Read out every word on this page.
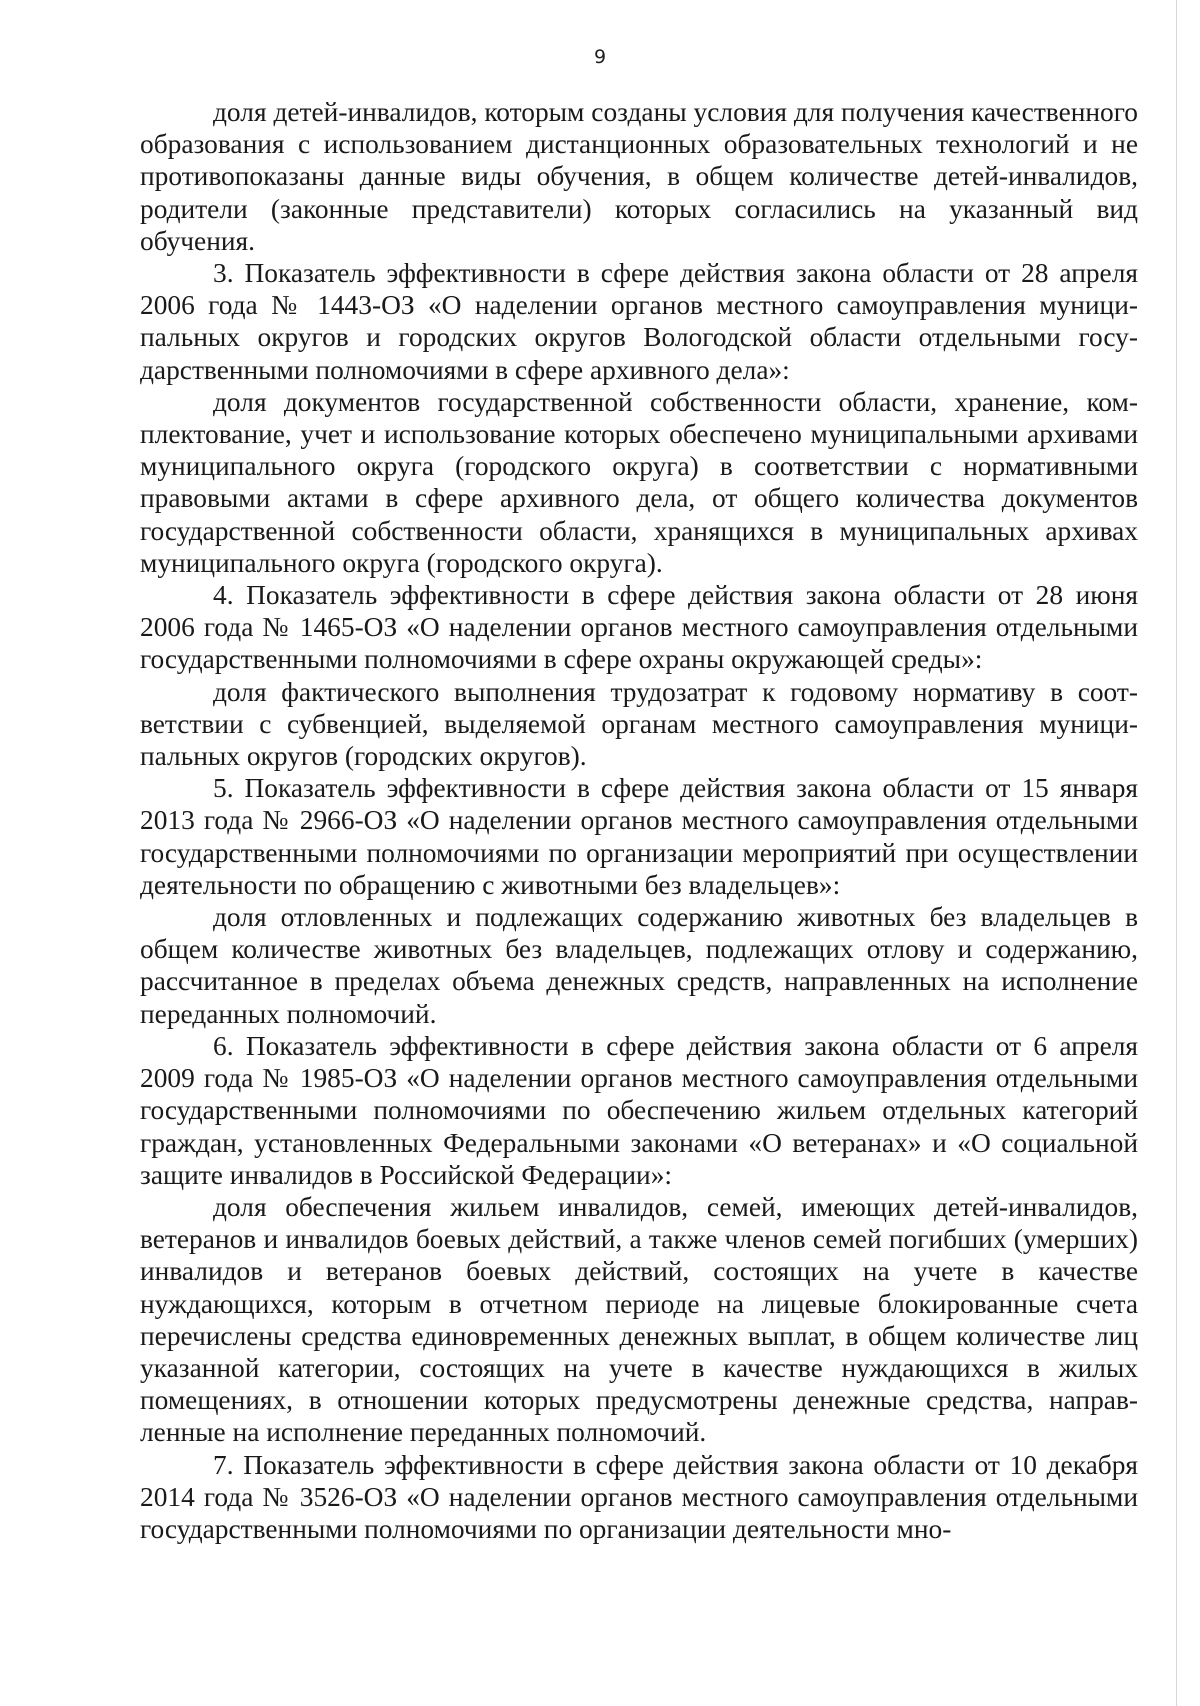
9

доля детей-инвалидов, которым созданы условия для получения качественного образования с использованием дистанционных образовательных технологий и не противопоказаны данные виды обучения, в общем количестве детей-инвалидов, родители (законные представители) которых согласились на указанный вид обучения.

3. Показатель эффективности в сфере действия закона области от 28 апреля 2006 года № 1443-ОЗ «О наделении органов местного самоуправления муниципальных округов и городских округов Вологодской области отдельными государственными полномочиями в сфере архивного дела»:

доля документов государственной собственности области, хранение, комплектование, учет и использование которых обеспечено муниципальными архивами муниципального округа (городского округа) в соответствии с нормативными правовыми актами в сфере архивного дела, от общего количества документов государственной собственности области, хранящихся в муниципальных архивах муниципального округа (городского округа).

4. Показатель эффективности в сфере действия закона области от 28 июня 2006 года № 1465-ОЗ «О наделении органов местного самоуправления отдельными государственными полномочиями в сфере охраны окружающей среды»:

доля фактического выполнения трудозатрат к годовому нормативу в соответствии с субвенцией, выделяемой органам местного самоуправления муниципальных округов (городских округов).

5. Показатель эффективности в сфере действия закона области от 15 января 2013 года № 2966-ОЗ «О наделении органов местного самоуправления отдельными государственными полномочиями по организации мероприятий при осуществлении деятельности по обращению с животными без владельцев»:

доля отловленных и подлежащих содержанию животных без владельцев в общем количестве животных без владельцев, подлежащих отлову и содержанию, рассчитанное в пределах объема денежных средств, направленных на исполнение переданных полномочий.

6. Показатель эффективности в сфере действия закона области от 6 апреля 2009 года № 1985-ОЗ «О наделении органов местного самоуправления отдельными государственными полномочиями по обеспечению жильем отдельных категорий граждан, установленных Федеральными законами «О ветеранах» и «О социальной защите инвалидов в Российской Федерации»:

доля обеспечения жильем инвалидов, семей, имеющих детей-инвалидов, ветеранов и инвалидов боевых действий, а также членов семей погибших (умерших) инвалидов и ветеранов боевых действий, состоящих на учете в качестве нуждающихся, которым в отчетном периоде на лицевые блокированные счета перечислены средства единовременных денежных выплат, в общем количестве лиц указанной категории, состоящих на учете в качестве нуждающихся в жилых помещениях, в отношении которых предусмотрены денежные средства, направленные на исполнение переданных полномочий.

7. Показатель эффективности в сфере действия закона области от 10 декабря 2014 года № 3526-ОЗ «О наделении органов местного самоуправления отдельными государственными полномочиями по организации деятельности мно-
